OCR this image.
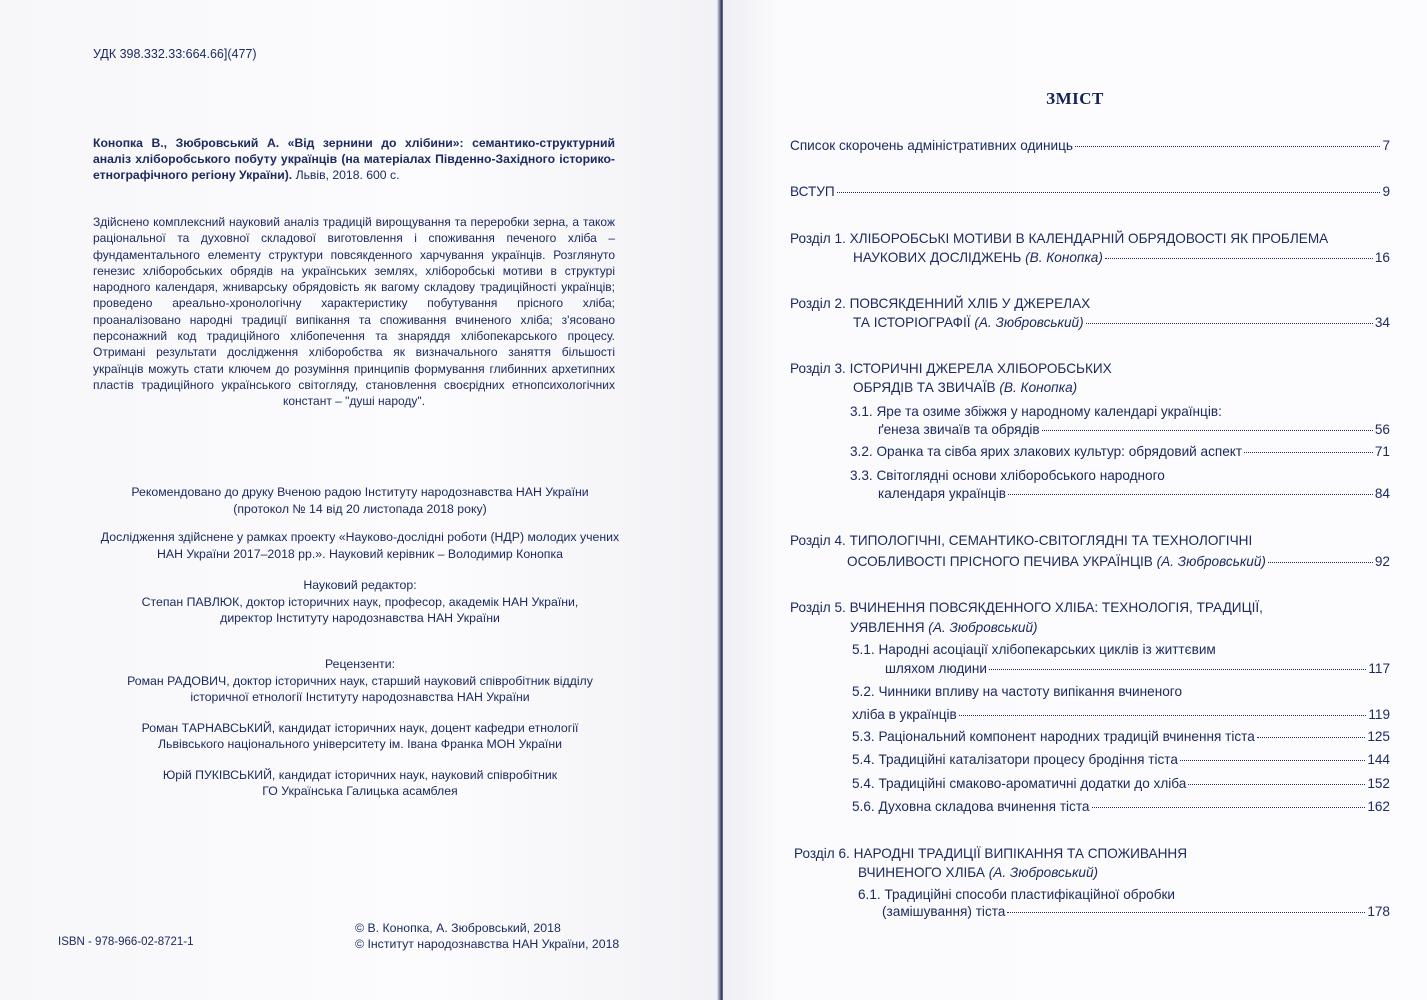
УДК 398.332.33:664.66](477)
Конопка В., Зюбровський А. «Від зернини до хлібини»: семантико-структурний аналіз хліборобського побуту українців (на матеріалах Південно-Західного історико-етнографічного регіону України). Львів, 2018. 600 с.
Здійснено комплексний науковий аналіз традицій вирощування та переробки зерна, а також раціональної та духовної складової виготовлення і споживання печеного хліба – фундаментального елементу структури повсякденного харчування українців. Розглянуто генезис хліборобських обрядів на українських землях, хліборобські мотиви в структурі народного календаря, жниварську обрядовість як вагому складову традиційності українців; проведено ареально-хронологічну характеристику побутування прісного хліба; проаналізовано народні традиції випікання та споживання вчиненого хліба; з'ясовано персонажний код традиційного хлібопечення та знаряддя хлібопекарського процесу. Отримані результати дослідження хліборобства як визначального заняття більшості українців можуть стати ключем до розуміння принципів формування глибинних архетипних пластів традиційного українського світогляду, становлення своєрідних етнопсихологічних констант – "душі народу".
Рекомендовано до друку Вченою радою Інституту народознавства НАН України
(протокол № 14 від 20 листопада 2018 року)
Дослідження здійснене у рамках проекту «Науково-дослідні роботи (НДР) молодих учених
НАН України 2017–2018 рр.». Науковий керівник – Володимир Конопка
Науковий редактор:
Степан ПАВЛЮК, доктор історичних наук, професор, академік НАН України,
директор Інституту народознавства НАН України
Рецензенти:
Роман РАДОВИЧ, доктор історичних наук, старший науковий співробітник відділу
історичної етнології Інституту народознавства НАН України
Роман ТАРНАВСЬКИЙ, кандидат історичних наук, доцент кафедри етнології
Львівського національного університету ім. Івана Франка МОН України
Юрій ПУКІВСЬКИЙ, кандидат історичних наук, науковий співробітник
ГО Українська Галицька асамблея
© В. Конопка, А. Зюбровський, 2018
© Інститут народознавства НАН України, 2018
ISBN - 978-966-02-8721-1
ЗМІСТ
Список скорочень адміністративних одиниць	7
ВСТУП	9
Розділ 1. ХЛІБОРОБСЬКІ МОТИВИ В КАЛЕНДАРНІЙ ОБРЯДОВОСТІ ЯК ПРОБЛЕМА
НАУКОВИХ ДОСЛІДЖЕНЬ (В. Конопка)	16
Розділ 2. ПОВСЯКДЕННИЙ ХЛІБ У ДЖЕРЕЛАХ
ТА ІСТОРІОГРАФІЇ (А. Зюбровський)	34
Розділ 3. ІСТОРИЧНІ ДЖЕРЕЛА ХЛІБОРОБСЬКИХ
ОБРЯДІВ ТА ЗВИЧАЇВ (В. Конопка)
3.1. Яре та озиме збіжжя у народному календарі українців:
ґенеза звичаїв та обрядів	56
3.2. Оранка та сівба ярих злакових культур: обрядовий аспект	71
3.3. Світоглядні основи хліборобського народного
календаря українців	84
Розділ 4. ТИПОЛОГІЧНІ, СЕМАНТИКО-СВІТОГЛЯДНІ ТА ТЕХНОЛОГІЧНІ
ОСОБЛИВОСТІ ПРІСНОГО ПЕЧИВА УКРАЇНЦІВ (А. Зюбровський)	92
Розділ 5. ВЧИНЕННЯ ПОВСЯКДЕННОГО ХЛІБА: ТЕХНОЛОГІЯ, ТРАДИЦІЇ,
УЯВЛЕННЯ (А. Зюбровський)
5.1. Народні асоціації хлібопекарських циклів із життєвим
шляхом людини	117
5.2. Чинники впливу на частоту випікання вчиненого
хліба в українців	119
5.3. Раціональний компонент народних традицій вчинення тіста	125
5.4. Традиційні каталізатори процесу бродіння тіста	144
5.4. Традиційні смаково-ароматичні додатки до хліба	152
5.6. Духовна складова вчинення тіста	162
Розділ 6. НАРОДНІ ТРАДИЦІЇ ВИПІКАННЯ ТА СПОЖИВАННЯ
ВЧИНЕНОГО ХЛІБА (А. Зюбровський)
6.1. Традиційні способи пластифікаційної обробки
(замішування) тіста	178
